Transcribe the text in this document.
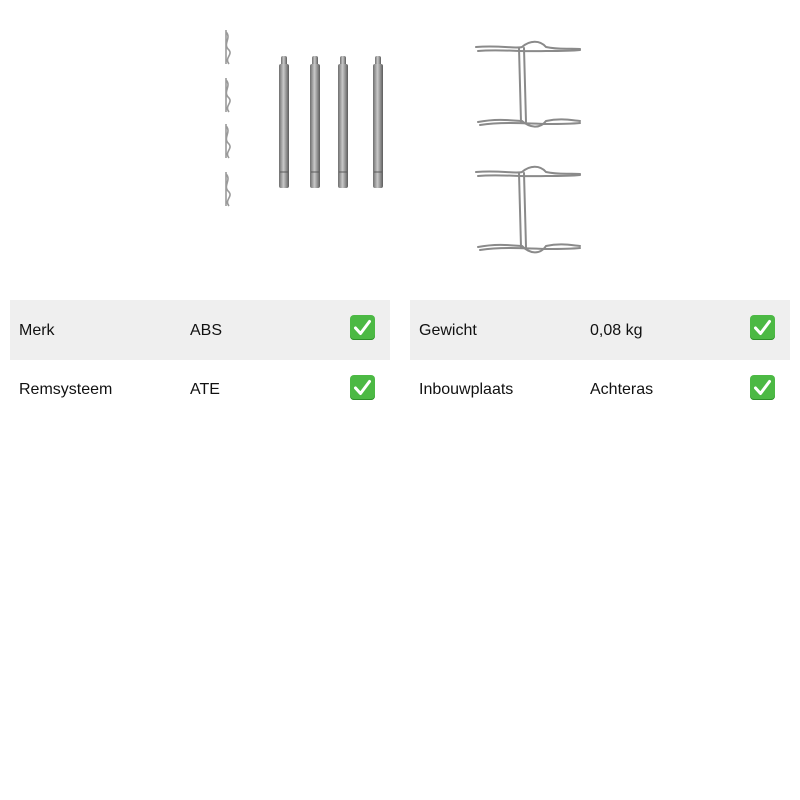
Merk	ABS
Remsysteem	ATE
Gewicht	0,08 kg
Inbouwplaats	Achteras
